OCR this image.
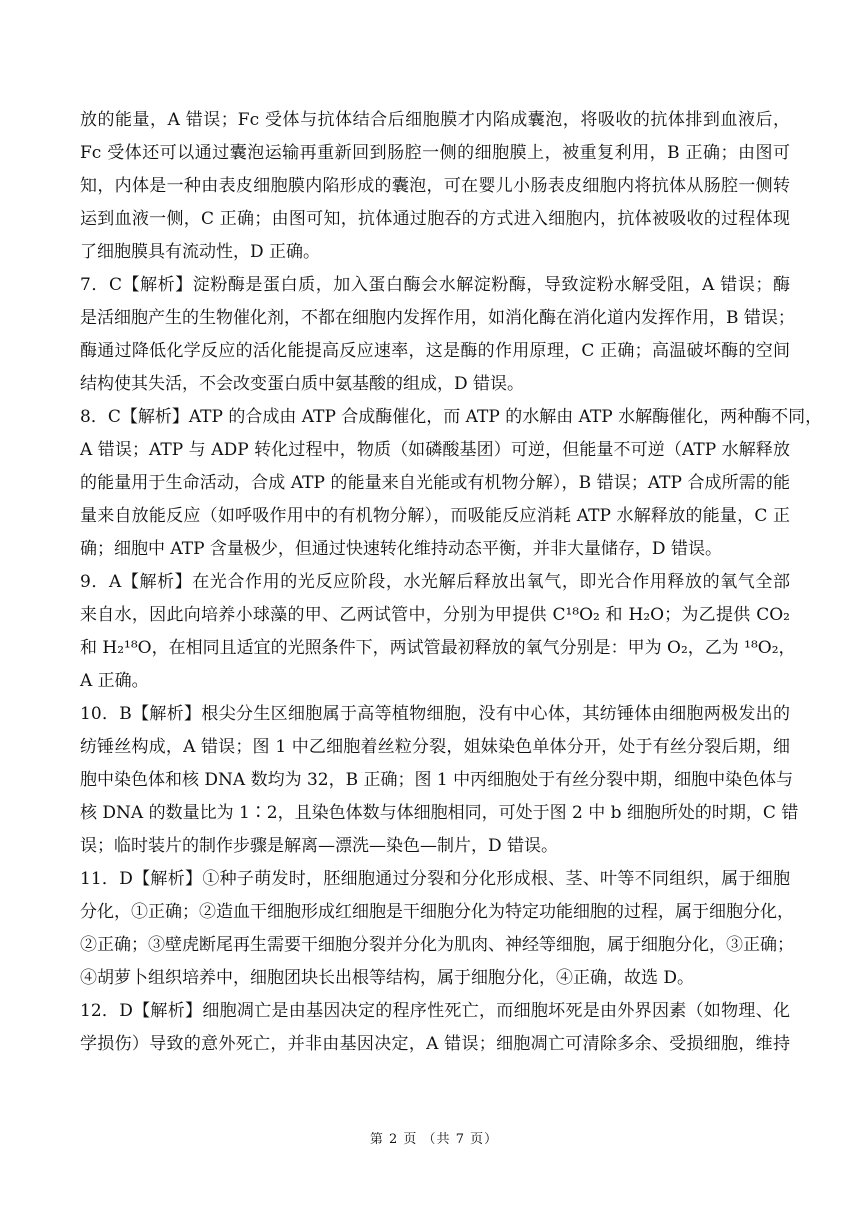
放的能量，A 错误；Fc 受体与抗体结合后细胞膜才内陷成囊泡，将吸收的抗体排到血液后，
Fc 受体还可以通过囊泡运输再重新回到肠腔一侧的细胞膜上，被重复利用，B 正确；由图可
知，内体是一种由表皮细胞膜内陷形成的囊泡，可在婴儿小肠表皮细胞内将抗体从肠腔一侧转
运到血液一侧，C 正确；由图可知，抗体通过胞吞的方式进入细胞内，抗体被吸收的过程体现
了细胞膜具有流动性，D 正确。
7．C【解析】淀粉酶是蛋白质，加入蛋白酶会水解淀粉酶，导致淀粉水解受阻，A 错误；酶
是活细胞产生的生物催化剂，不都在细胞内发挥作用，如消化酶在消化道内发挥作用，B 错误；
酶通过降低化学反应的活化能提高反应速率，这是酶的作用原理，C 正确；高温破坏酶的空间
结构使其失活，不会改变蛋白质中氨基酸的组成，D 错误。
8．C【解析】ATP 的合成由 ATP 合成酶催化，而 ATP 的水解由 ATP 水解酶催化，两种酶不同，
A 错误；ATP 与 ADP 转化过程中，物质（如磷酸基团）可逆，但能量不可逆（ATP 水解释放
的能量用于生命活动，合成 ATP 的能量来自光能或有机物分解），B 错误；ATP 合成所需的能
量来自放能反应（如呼吸作用中的有机物分解），而吸能反应消耗 ATP 水解释放的能量，C 正
确；细胞中 ATP 含量极少，但通过快速转化维持动态平衡，并非大量储存，D 错误。
9．A【解析】在光合作用的光反应阶段，水光解后释放出氧气，即光合作用释放的氧气全部
来自水，因此向培养小球藻的甲、乙两试管中，分别为甲提供 C¹⁸O₂ 和 H₂O；为乙提供 CO₂
和 H₂¹⁸O，在相同且适宜的光照条件下，两试管最初释放的氧气分别是：甲为 O₂，乙为 ¹⁸O₂，
A 正确。
10．B【解析】根尖分生区细胞属于高等植物细胞，没有中心体，其纺锤体由细胞两极发出的
纺锤丝构成，A 错误；图 1 中乙细胞着丝粒分裂，姐妹染色单体分开，处于有丝分裂后期，细
胞中染色体和核 DNA 数均为 32，B 正确；图 1 中丙细胞处于有丝分裂中期，细胞中染色体与
核 DNA 的数量比为 1∶2，且染色体数与体细胞相同，可处于图 2 中 b 细胞所处的时期，C 错
误；临时装片的制作步骤是解离—漂洗—染色—制片，D 错误。
11．D【解析】①种子萌发时，胚细胞通过分裂和分化形成根、茎、叶等不同组织，属于细胞
分化，①正确；②造血干细胞形成红细胞是干细胞分化为特定功能细胞的过程，属于细胞分化，
②正确；③壁虎断尾再生需要干细胞分裂并分化为肌肉、神经等细胞，属于细胞分化，③正确；
④胡萝卜组织培养中，细胞团块长出根等结构，属于细胞分化，④正确，故选 D。
12．D【解析】细胞凋亡是由基因决定的程序性死亡，而细胞坏死是由外界因素（如物理、化
学损伤）导致的意外死亡，并非由基因决定，A 错误；细胞凋亡可清除多余、受损细胞，维持
第 2 页 （共 7 页）
